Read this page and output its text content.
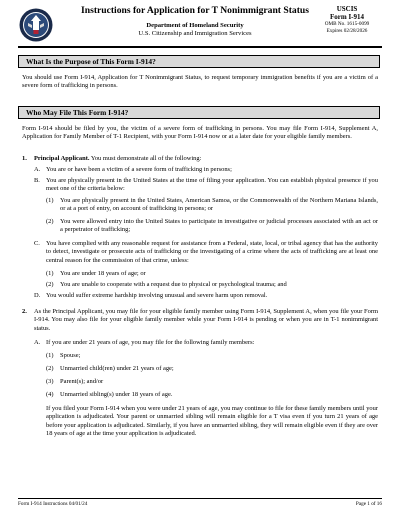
Instructions for Application for T Nonimmigrant Status
Department of Homeland Security
U.S. Citizenship and Immigration Services
USCIS
Form I-914
OMB No. 1615-0099
Expires 02/28/2026
What Is the Purpose of This Form I-914?
You should use Form I-914, Application for T Nonimmigrant Status, to request temporary immigration benefits if you are a victim of a severe form of trafficking in persons.
Who May File This Form I-914?
Form I-914 should be filed by you, the victim of a severe form of trafficking in persons. You may file Form I-914, Supplement A, Application for Family Member of T-1 Recipient, with your Form I-914 now or at a later date for your eligible family members.
1. Principal Applicant. You must demonstrate all of the following:
A. You are or have been a victim of a severe form of trafficking in persons;
B. You are physically present in the United States at the time of filing your application. You can establish physical presence if you meet one of the criteria below:
(1) You are physically present in the United States, American Samoa, or the Commonwealth of the Northern Mariana Islands, or at a port of entry, on account of trafficking in persons; or
(2) You were allowed entry into the United States to participate in investigative or judicial processes associated with an act or a perpetrator of trafficking;
C. You have complied with any reasonable request for assistance from a Federal, state, local, or tribal agency that has the authority to detect, investigate or prosecute acts of trafficking or the investigating of a crime where the acts of trafficking are at least one central reason for the commission of that crime, unless:
(1) You are under 18 years of age; or
(2) You are unable to cooperate with a request due to physical or psychological trauma; and
D. You would suffer extreme hardship involving unusual and severe harm upon removal.
2. As the Principal Applicant, you may file for your eligible family member using Form I-914, Supplement A, when you file your Form I-914. You may also file for your eligible family member while your Form I-914 is pending or when you are in T-1 nonimmigrant status.
A. If you are under 21 years of age, you may file for the following family members:
(1) Spouse;
(2) Unmarried child(ren) under 21 years of age;
(3) Parent(s); and/or
(4) Unmarried sibling(s) under 18 years of age.
If you filed your Form I-914 when you were under 21 years of age, you may continue to file for these family members until your application is adjudicated. Your parent or unmarried sibling will remain eligible for a T visa even if you turn 21 years of age before your application is adjudicated. Similarly, if you have an unmarried sibling, they will remain eligible even if they are over 18 years of age at the time your application is adjudicated.
Form I-914 Instructions 04/01/24	Page 1 of 16
